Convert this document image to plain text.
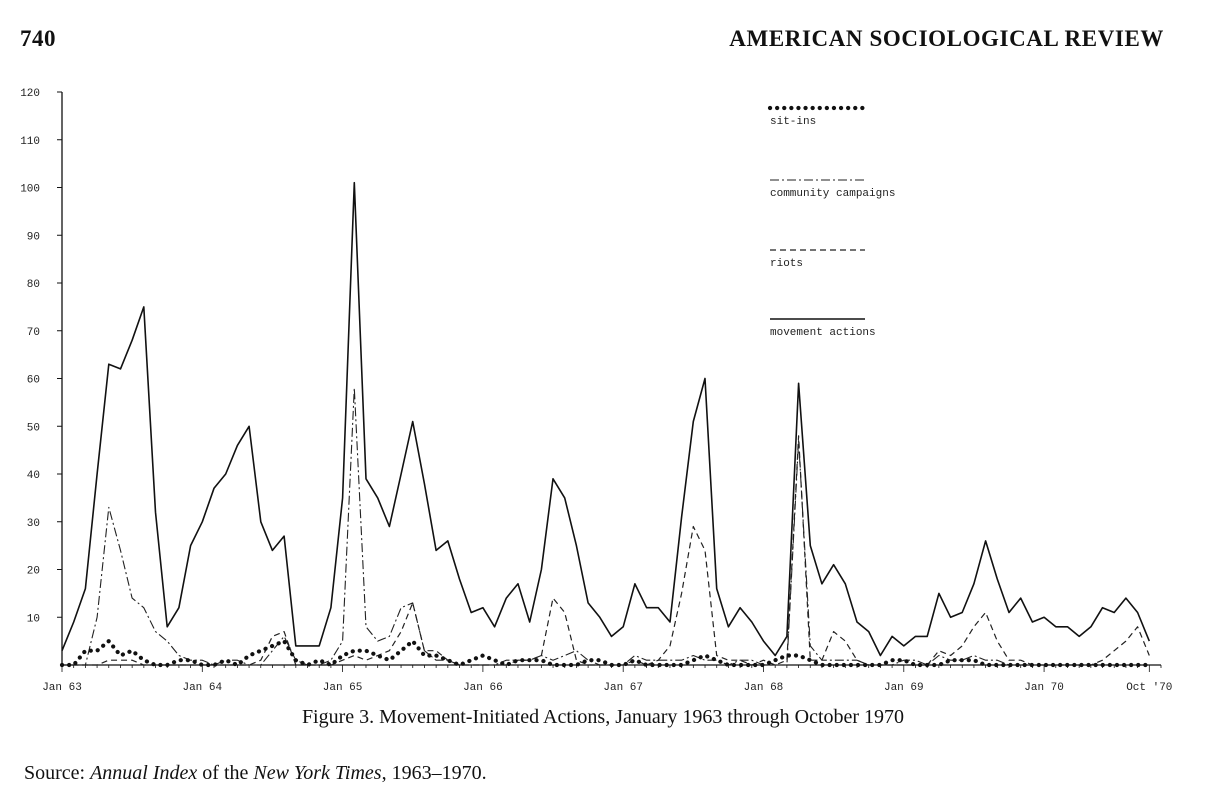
740	AMERICAN SOCIOLOGICAL REVIEW
10
20
30
40
50
60
70
80
90
100
110
120
Jan 63	Jan 64	Jan 65	Jan 66	Jan 67	Jan 68	Jan 69	Jan 70	Oct '70
sit-ins
community campaigns
riots
movement actions
Figure 3. Movement-Initiated Actions, January 1963 through October 1970
Source: Annual Index of the New York Times, 1963–1970.
